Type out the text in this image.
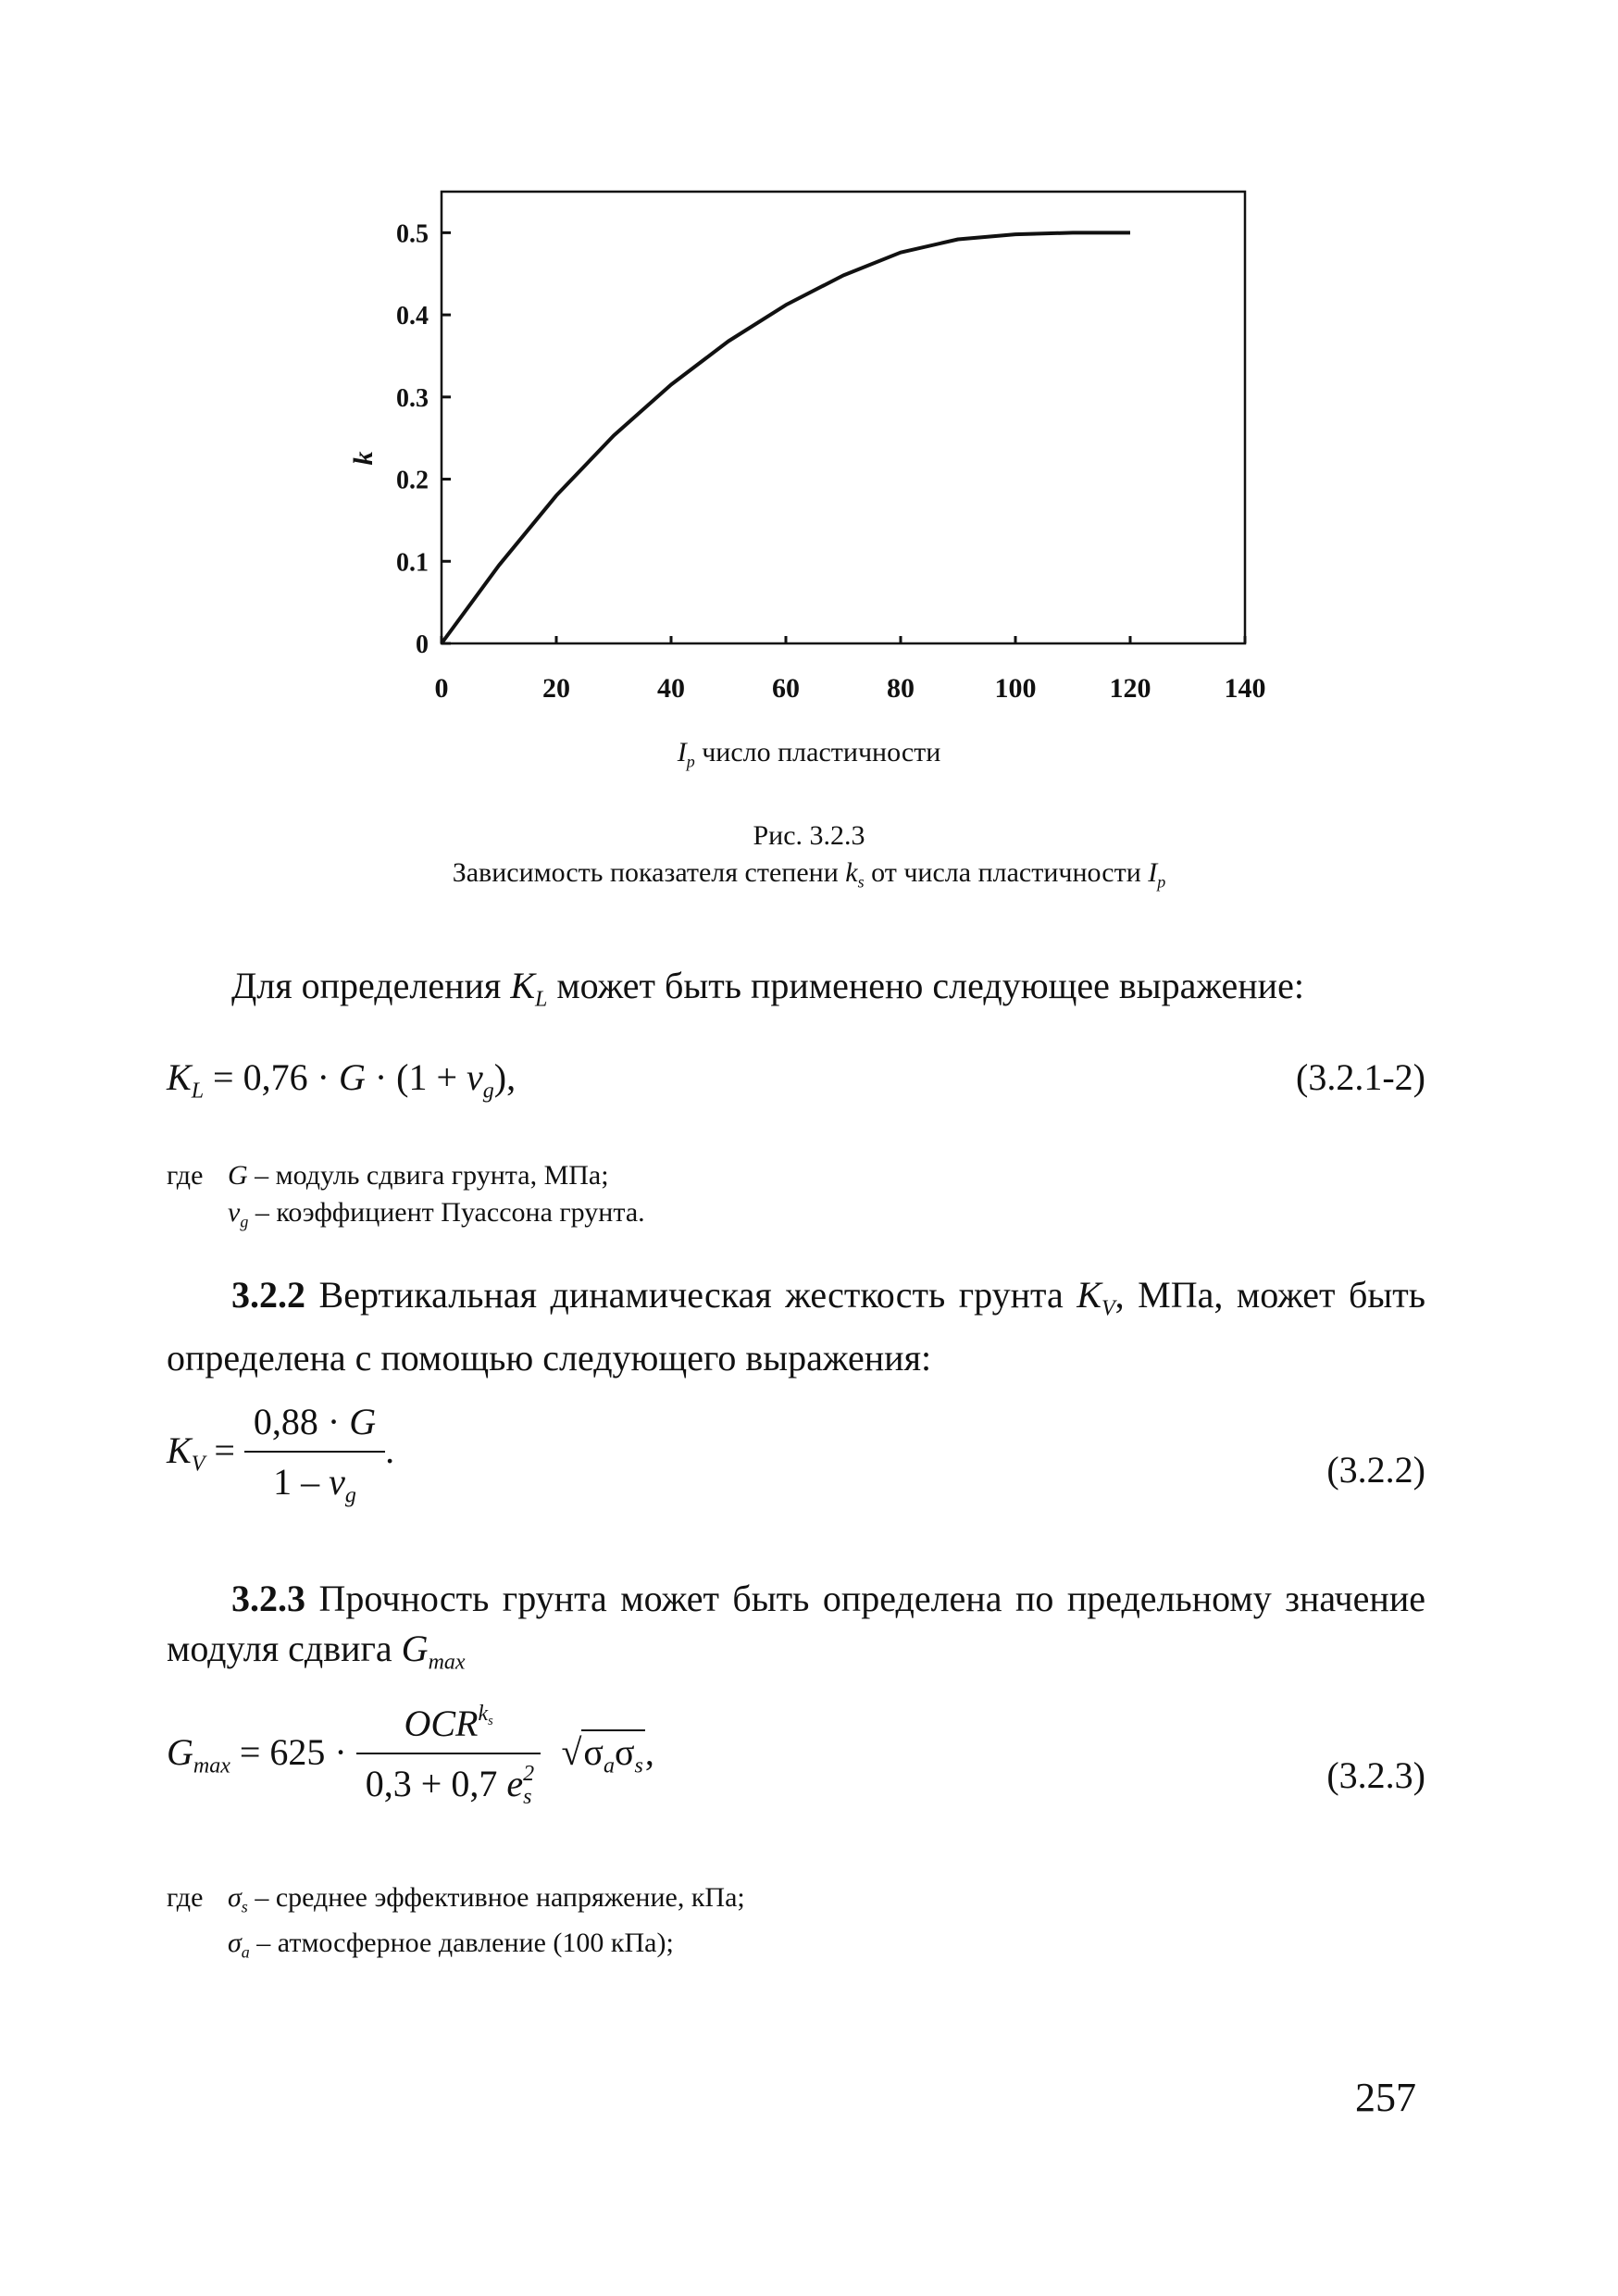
0	20	40	60	80	100	120	140
0
0.1
0.2
0.3
0.4
0.5
k
$I_p$ число пластичности
Рис. 3.2.3
Зависимость показателя степени $k_s$ от числа пластичности $I_p$
Для определения $K_L$ может быть применено следующее выражение:
$K_L = 0,76 \cdot G \cdot (1 + v_g)$,	(3.2.1-2)
где G – модуль сдвига грунта, МПа;
$v_g$ – коэффициент Пуассона грунта.
3.2.2 Вертикальная динамическая жесткость грунта $K_V$, МПа, может быть определена с помощью следующего выражения:
$K_V = \frac{0,88 \cdot G}{1 - v_g}$ .	(3.2.2)
3.2.3 Прочность грунта может быть определена по предельному значение модуля сдвига $G_{max}$
$G_{max} = 625 \cdot \frac{OCR^{k_s}}{0,3 + 0,7 e^2_s} √\sigma_a\sigma_s$,
(3.2.3)
где $\sigma_s$ – среднее эффективное напряжение, кПа;
$\sigma_a$ – атмосферное давление (100 кПа);
257
